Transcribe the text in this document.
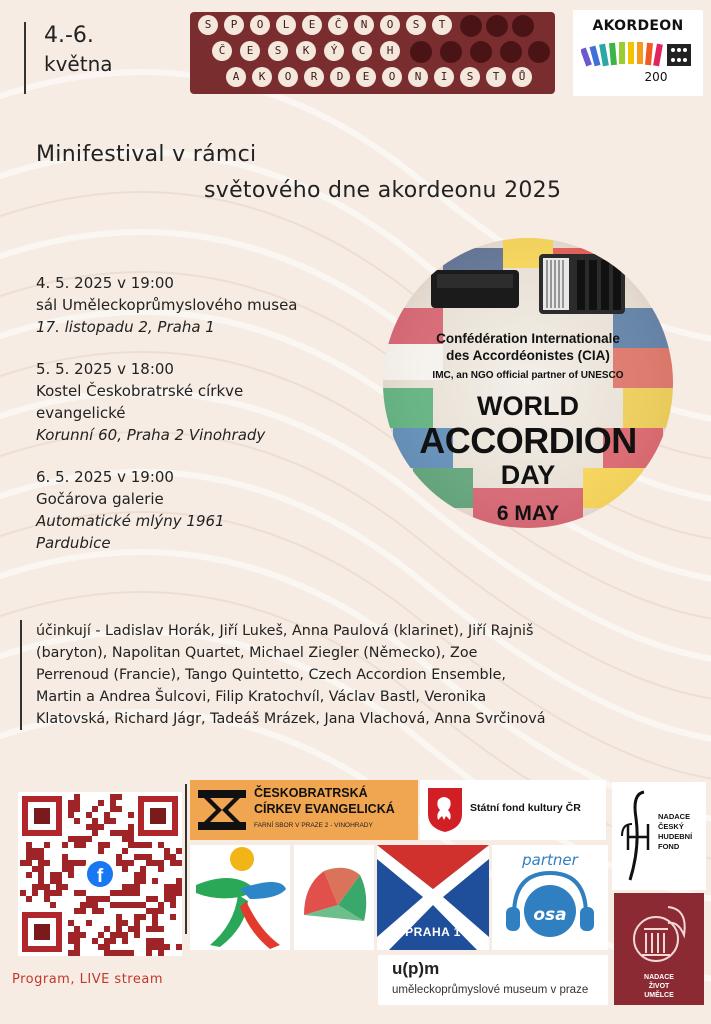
4.-6.
května
S	P	O	L	E	Č	N	O	S	T
Č	E	S	K	Ý	C	H
A	K	O	R	D	E	O	N	I	S	T	Ů
AKORDEON
200
Minifestival v rámci
světového dne akordeonu 2025
4. 5. 2025 v 19:00
sál Uměleckoprůmyslového musea
17. listopadu 2, Praha 1
5. 5. 2025 v 18:00
Kostel Českobratrské církve
evangelické
Korunní 60, Praha 2 Vinohrady
6. 5. 2025 v 19:00
Gočárova galerie
Automatické mlýny 1961
Pardubice
Confédération Internationale
des Accordéonistes (CIA)
IMC, an NGO official partner of UNESCO
WORLD
ACCORDION
DAY
6 MAY
účinkují - Ladislav Horák, Jiří Lukeš, Anna Paulová (klarinet), Jiří Rajniš
(baryton), Napolitan Quartet, Michael Ziegler (Německo), Zoe
Perrenoud (Francie), Tango Quintetto, Czech Accordion Ensemble,
Martin a Andrea Šulcovi, Filip Kratochvíl, Václav Bastl, Veronika
Klatovská, Richard Jágr, Tadeáš Mrázek, Jana Vlachová, Anna Svrčinová
f
Program, LIVE stream
ČESKOBRATRSKÁ
CÍRKEV EVANGELICKÁ
FARNÍ SBOR V PRAZE 2 - VINOHRADY
Státní fond kultury ČR
NADACE
ČESKÝ
HUDEBNÍ
FOND
PRAHA 1
partner
osa
NADACE
ŽIVOT
UMĚLCE
u(p)m
uměleckoprůmyslové museum v praze
